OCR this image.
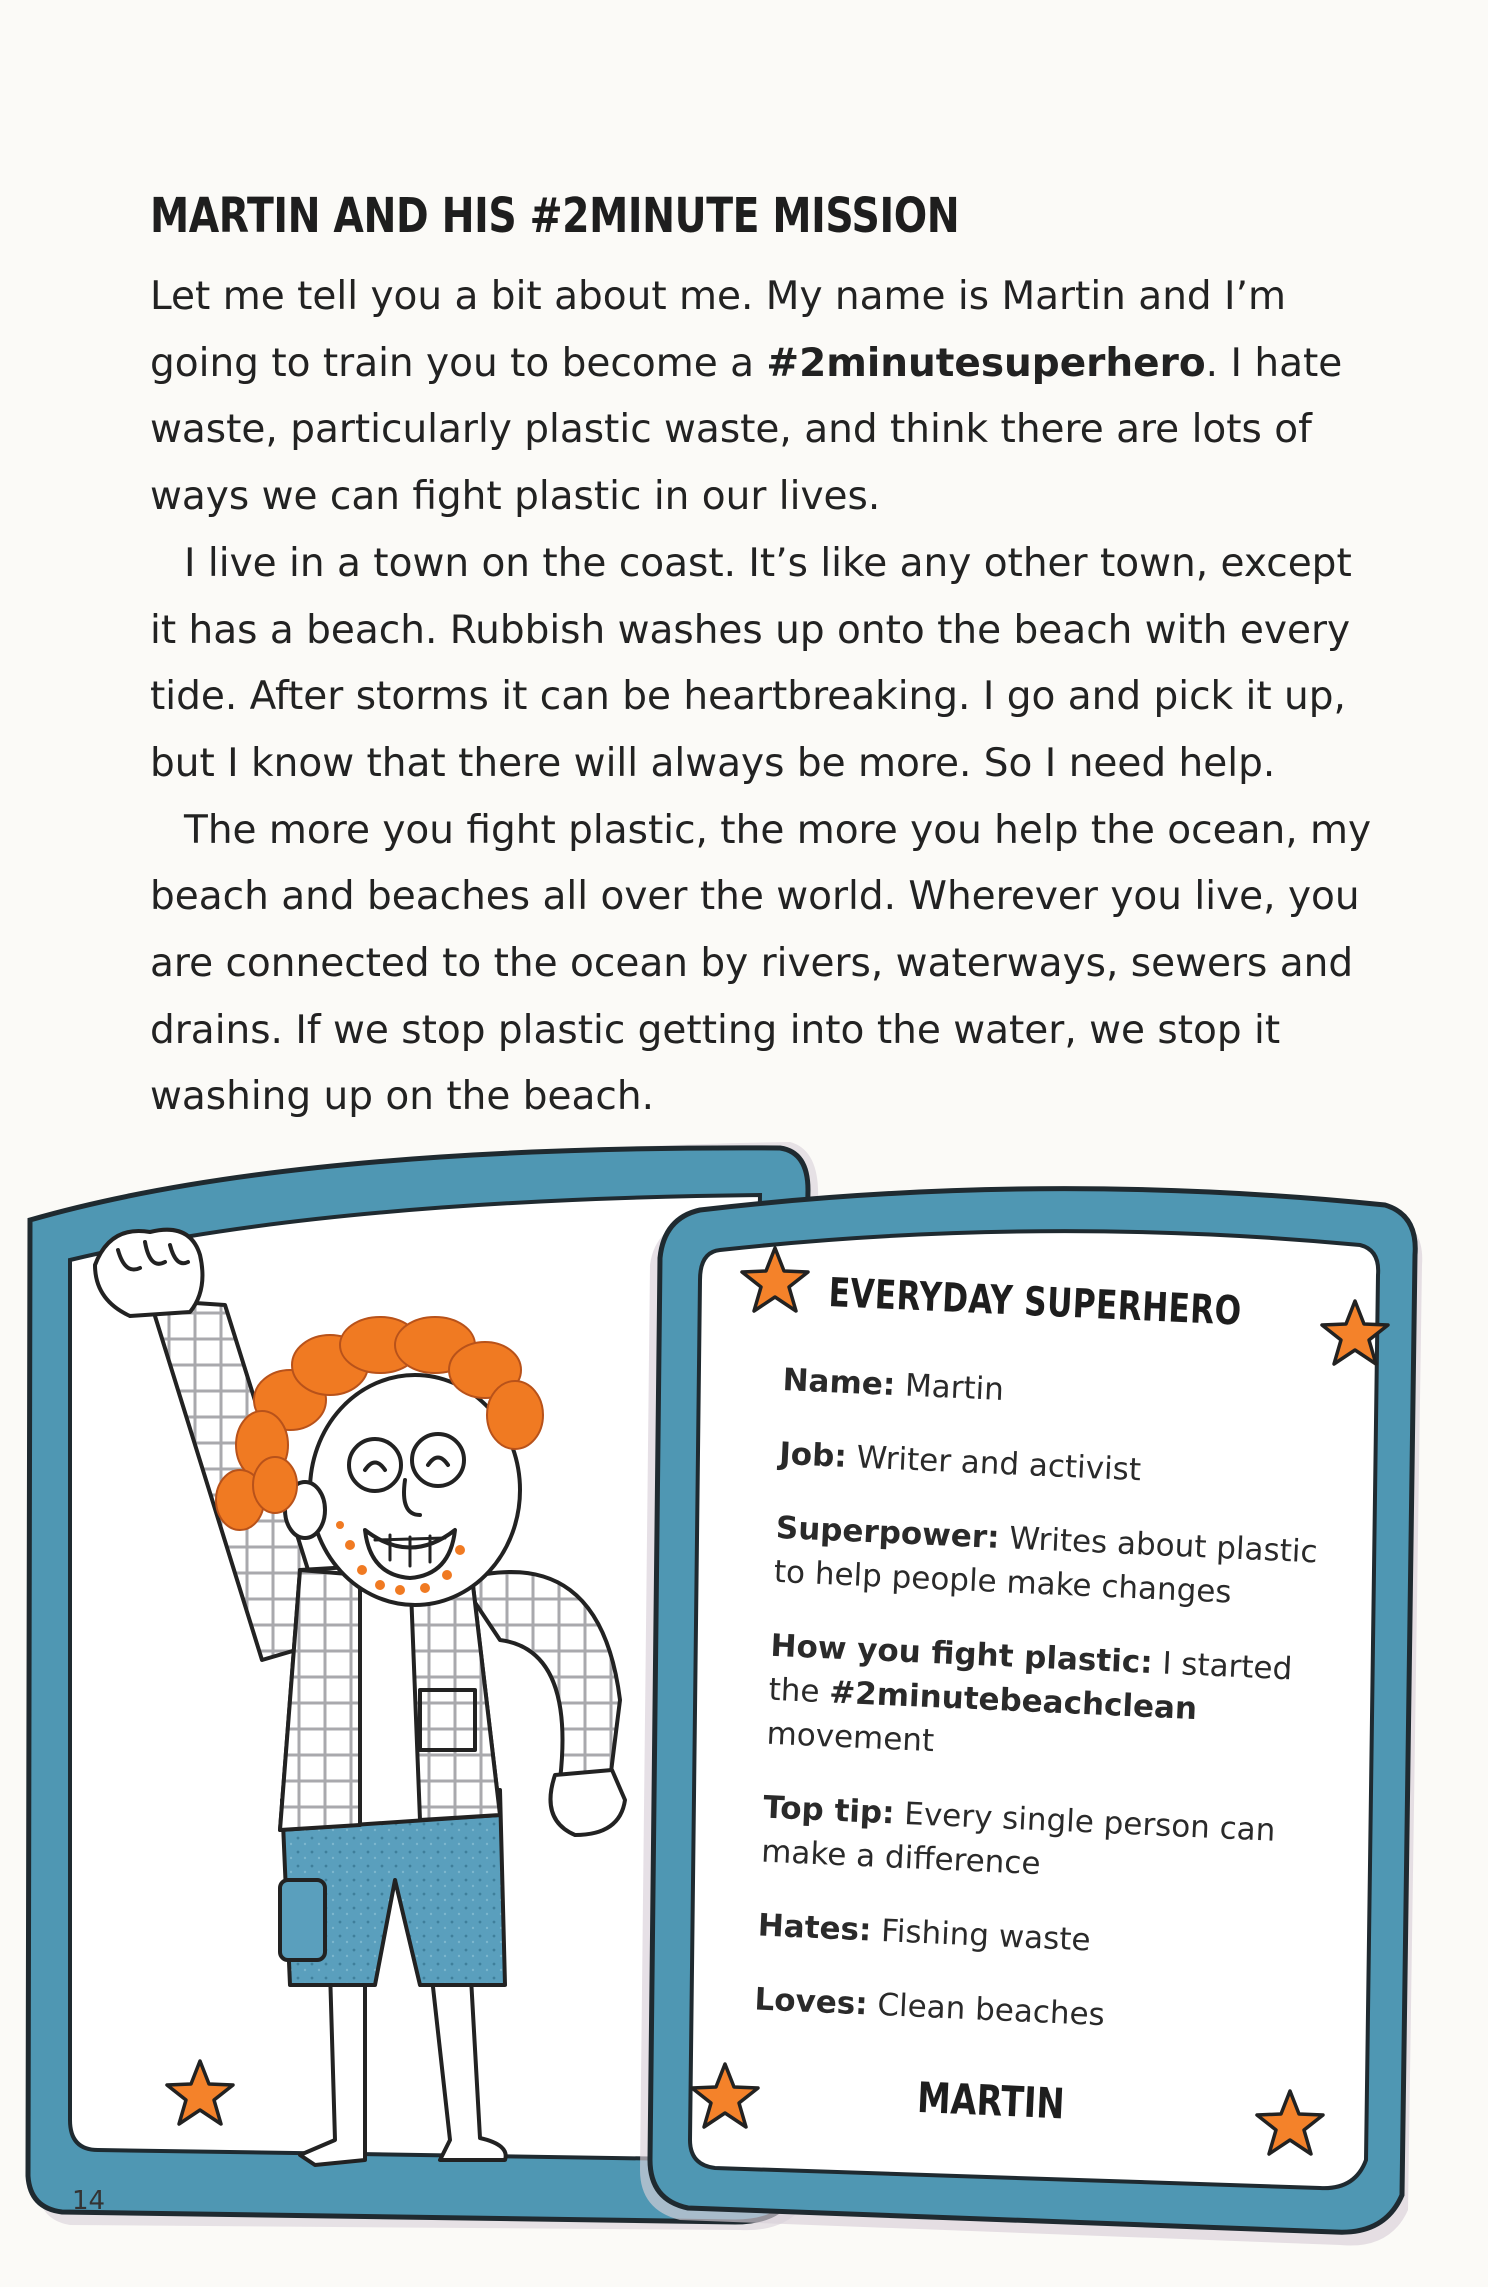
MARTIN AND HIS #2MINUTE MISSION

Let me tell you a bit about me. My name is Martin and I’m going to train you to become a #2minutesuperhero. I hate waste, particularly plastic waste, and think there are lots of ways we can fight plastic in our lives.

I live in a town on the coast. It’s like any other town, except it has a beach. Rubbish washes up onto the beach with every tide. After storms it can be heartbreaking. I go and pick it up, but I know that there will always be more. So I need help.

The more you fight plastic, the more you help the ocean, my beach and beaches all over the world. Wherever you live, you are connected to the ocean by rivers, waterways, sewers and drains. If we stop plastic getting into the water, we stop it washing up on the beach.

EVERYDAY SUPERHERO

Name: Martin

Job: Writer and activist

Superpower: Writes about plastic to help people make changes

How you fight plastic: I started the #2minutebeachclean movement

Top tip: Every single person can make a difference

Hates: Fishing waste

Loves: Clean beaches

MARTIN

14
